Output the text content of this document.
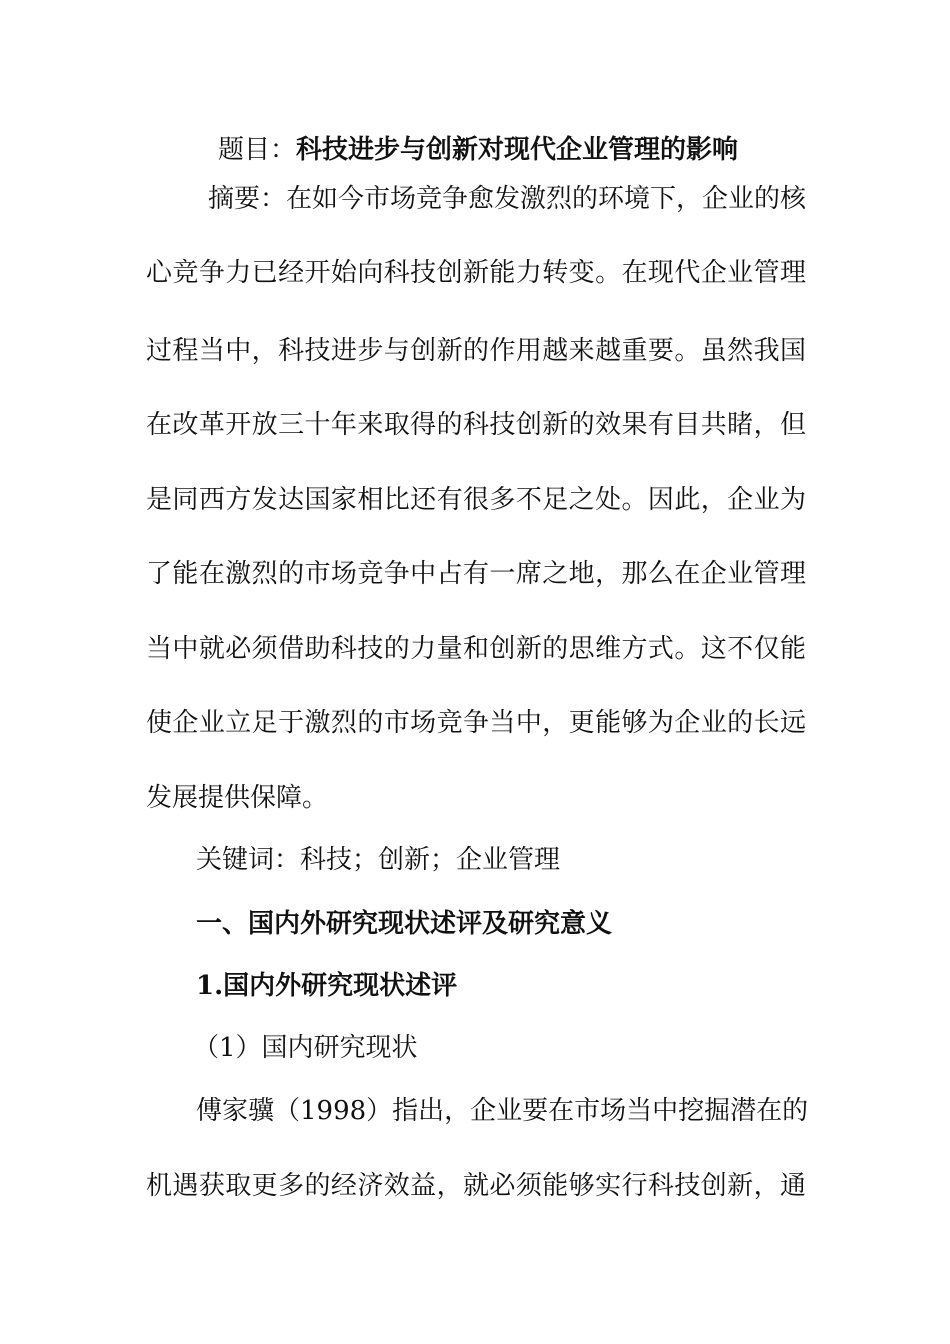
题目：科技进步与创新对现代企业管理的影响
摘要：在如今市场竞争愈发激烈的环境下，企业的核
心竞争力已经开始向科技创新能力转变。在现代企业管理
过程当中，科技进步与创新的作用越来越重要。虽然我国
在改革开放三十年来取得的科技创新的效果有目共睹，但
是同西方发达国家相比还有很多不足之处。因此，企业为
了能在激烈的市场竞争中占有一席之地，那么在企业管理
当中就必须借助科技的力量和创新的思维方式。这不仅能
使企业立足于激烈的市场竞争当中，更能够为企业的长远
发展提供保障。
关键词：科技；创新；企业管理
一、国内外研究现状述评及研究意义
1.国内外研究现状述评
（1）国内研究现状
傅家骥（1998）指出，企业要在市场当中挖掘潜在的
机遇获取更多的经济效益，就必须能够实行科技创新，通
